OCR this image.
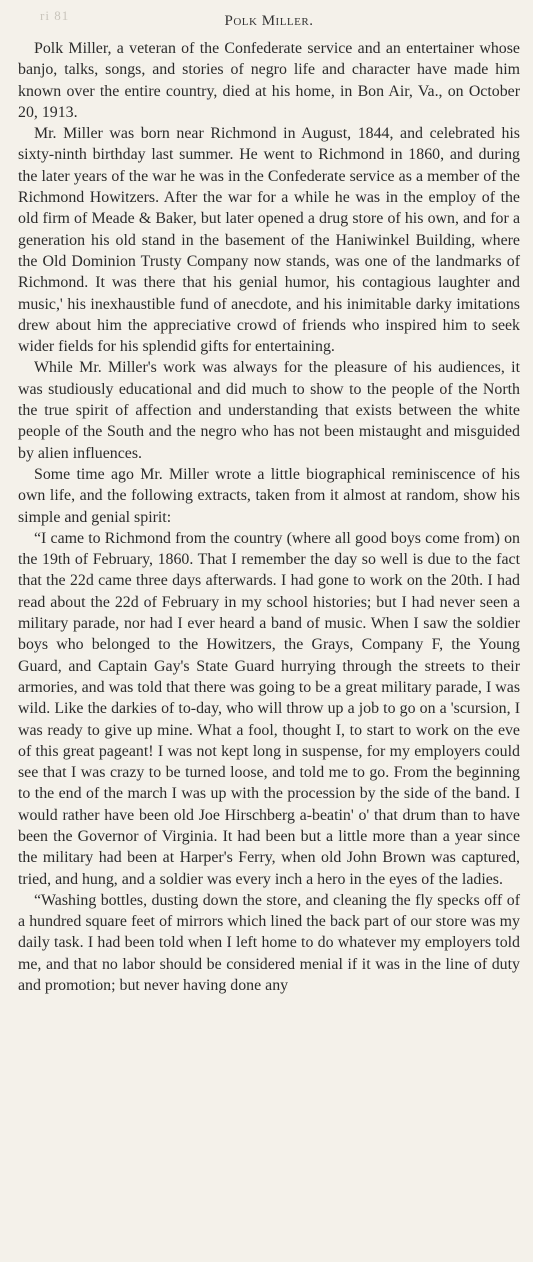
ri 81	Polk Miller.

Polk Miller, a veteran of the Confederate service and an entertainer whose banjo, talks, songs, and stories of negro life and character have made him known over the entire country, died at his home, in Bon Air, Va., on October 20, 1913.

Mr. Miller was born near Richmond in August, 1844, and celebrated his sixty-ninth birthday last summer. He went to Richmond in 1860, and during the later years of the war he was in the Confederate service as a member of the Richmond Howitzers. After the war for a while he was in the employ of the old firm of Meade & Baker, but later opened a drug store of his own, and for a generation his old stand in the basement of the Haniwinkel Building, where the Old Dominion Trusty Company now stands, was one of the landmarks of Richmond. It was there that his genial humor, his contagious laughter and music,' his inexhaustible fund of anecdote, and his inimitable darky imitations drew about him the appreciative crowd of friends who inspired him to seek wider fields for his splendid gifts for entertaining.

While Mr. Miller's work was always for the pleasure of his audiences, it was studiously educational and did much to show to the people of the North the true spirit of affection and understanding that exists between the white people of the South and the negro who has not been mistaught and misguided by alien influences.

Some time ago Mr. Miller wrote a little biographical reminiscence of his own life, and the following extracts, taken from it almost at random, show his simple and genial spirit:

“I came to Richmond from the country (where all good boys come from) on the 19th of February, 1860. That I remember the day so well is due to the fact that the 22d came three days afterwards. I had gone to work on the 20th. I had read about the 22d of February in my school histories; but I had never seen a military parade, nor had I ever heard a band of music. When I saw the soldier boys who belonged to the Howitzers, the Grays, Company F, the Young Guard, and Captain Gay's State Guard hurrying through the streets to their armories, and was told that there was going to be a great military parade, I was wild. Like the darkies of to-day, who will throw up a job to go on a 'scursion, I was ready to give up mine. What a fool, thought I, to start to work on the eve of this great pageant! I was not kept long in suspense, for my employers could see that I was crazy to be turned loose, and told me to go. From the beginning to the end of the march I was up with the procession by the side of the band. I would rather have been old Joe Hirschberg a-beatin' o' that drum than to have been the Governor of Virginia. It had been but a little more than a year since the military had been at Harper's Ferry, when old John Brown was captured, tried, and hung, and a soldier was every inch a hero in the eyes of the ladies.

“Washing bottles, dusting down the store, and cleaning the fly specks off of a hundred square feet of mirrors which lined the back part of our store was my daily task. I had been told when I left home to do whatever my employers told me, and that no labor should be considered menial if it was in the line of duty and promotion; but never having done any
